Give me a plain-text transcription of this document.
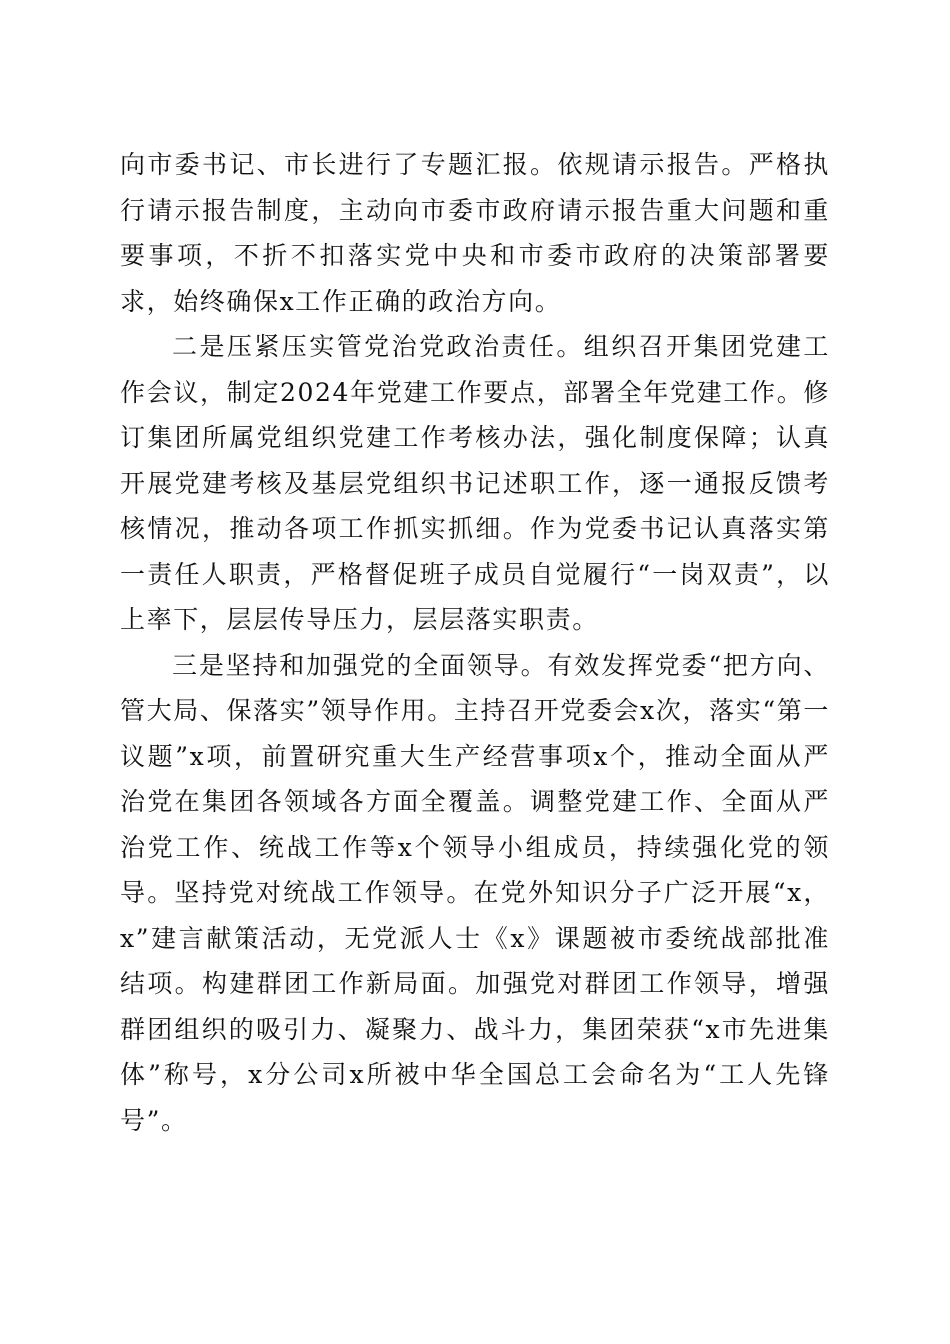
向市委书记、市长进行了专题汇报。依规请示报告。严格执行请示报告制度，主动向市委市政府请示报告重大问题和重要事项，不折不扣落实党中央和市委市政府的决策部署要求，始终确保x工作正确的政治方向。

二是压紧压实管党治党政治责任。组织召开集团党建工作会议，制定2024年党建工作要点，部署全年党建工作。修订集团所属党组织党建工作考核办法，强化制度保障；认真开展党建考核及基层党组织书记述职工作，逐一通报反馈考核情况，推动各项工作抓实抓细。作为党委书记认真落实第一责任人职责，严格督促班子成员自觉履行“一岗双责”，以上率下，层层传导压力，层层落实职责。

三是坚持和加强党的全面领导。有效发挥党委“把方向、管大局、保落实”领导作用。主持召开党委会x次，落实“第一议题”x项，前置研究重大生产经营事项x个，推动全面从严治党在集团各领域各方面全覆盖。调整党建工作、全面从严治党工作、统战工作等x个领导小组成员，持续强化党的领导。坚持党对统战工作领导。在党外知识分子广泛开展“x，x”建言献策活动，无党派人士《x》课题被市委统战部批准结项。构建群团工作新局面。加强党对群团工作领导，增强群团组织的吸引力、凝聚力、战斗力，集团荣获“x市先进集体”称号，x分公司x所被中华全国总工会命名为“工人先锋号”。
